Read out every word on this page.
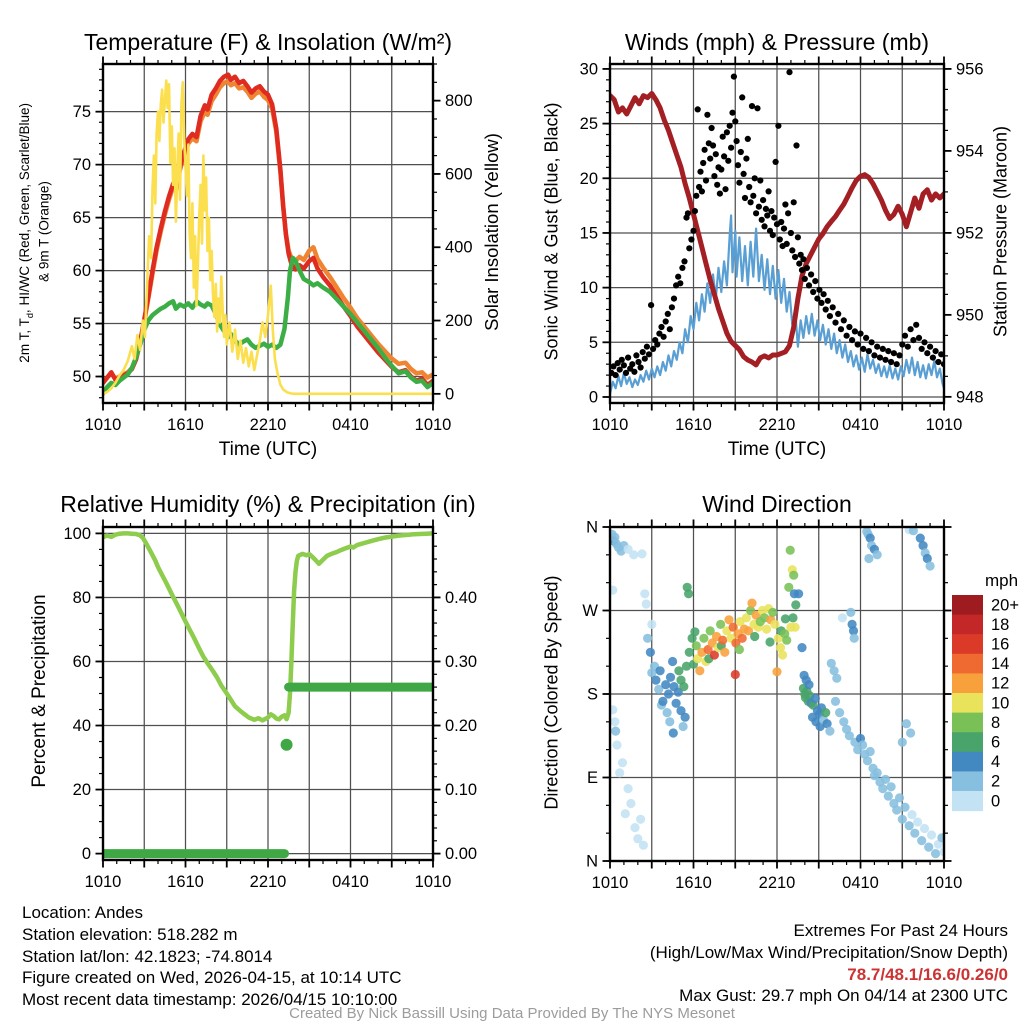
1010	1610	2210	0410	1010
50
55
60
65
70
75
0
200
400
600
800
Time (UTC)
1010	1610	2210	0410	1010
0
5
10
15
20
25
30
948
950
952
954
956
Time (UTC)
1010	1610	2210	0410	1010
0
20
40
60
80
100
0.00
0.10
0.20
0.30
0.40
1010	1610	2210	0410	1010
N
W
S
E
N
20+
18
16
14
12
10
8
6
4
2
0
Temperature (F) & Insolation (W/m²)	Winds (mph) & Pressure (mb)
Relative Humidity (%) & Precipitation (in)	Wind Direction
2m T, $T_d$, HI/WC (Red, Green, Scarlet/Blue) & 9m T (Orange)	Solar Insolation (Yellow) Sonic Wind & Gust (Blue, Black)	Station Pressure (Maroon)
Percent & Precipitation	Direction (Colored By Speed)	mph
Location: Andes
Station elevation: 518.282 m
Station lat/lon: 42.1823; -74.8014
Figure created on Wed, 2026-04-15, at 10:14 UTC
Most recent data timestamp: 2026/04/15 10:10:00
Extremes For Past 24 Hours
(High/Low/Max Wind/Precipitation/Snow Depth)
78.7/48.1/16.6/0.26/0
Max Gust: 29.7 mph On 04/14 at 2300 UTC
Created By Nick Bassill Using Data Provided By The NYS Mesonet
